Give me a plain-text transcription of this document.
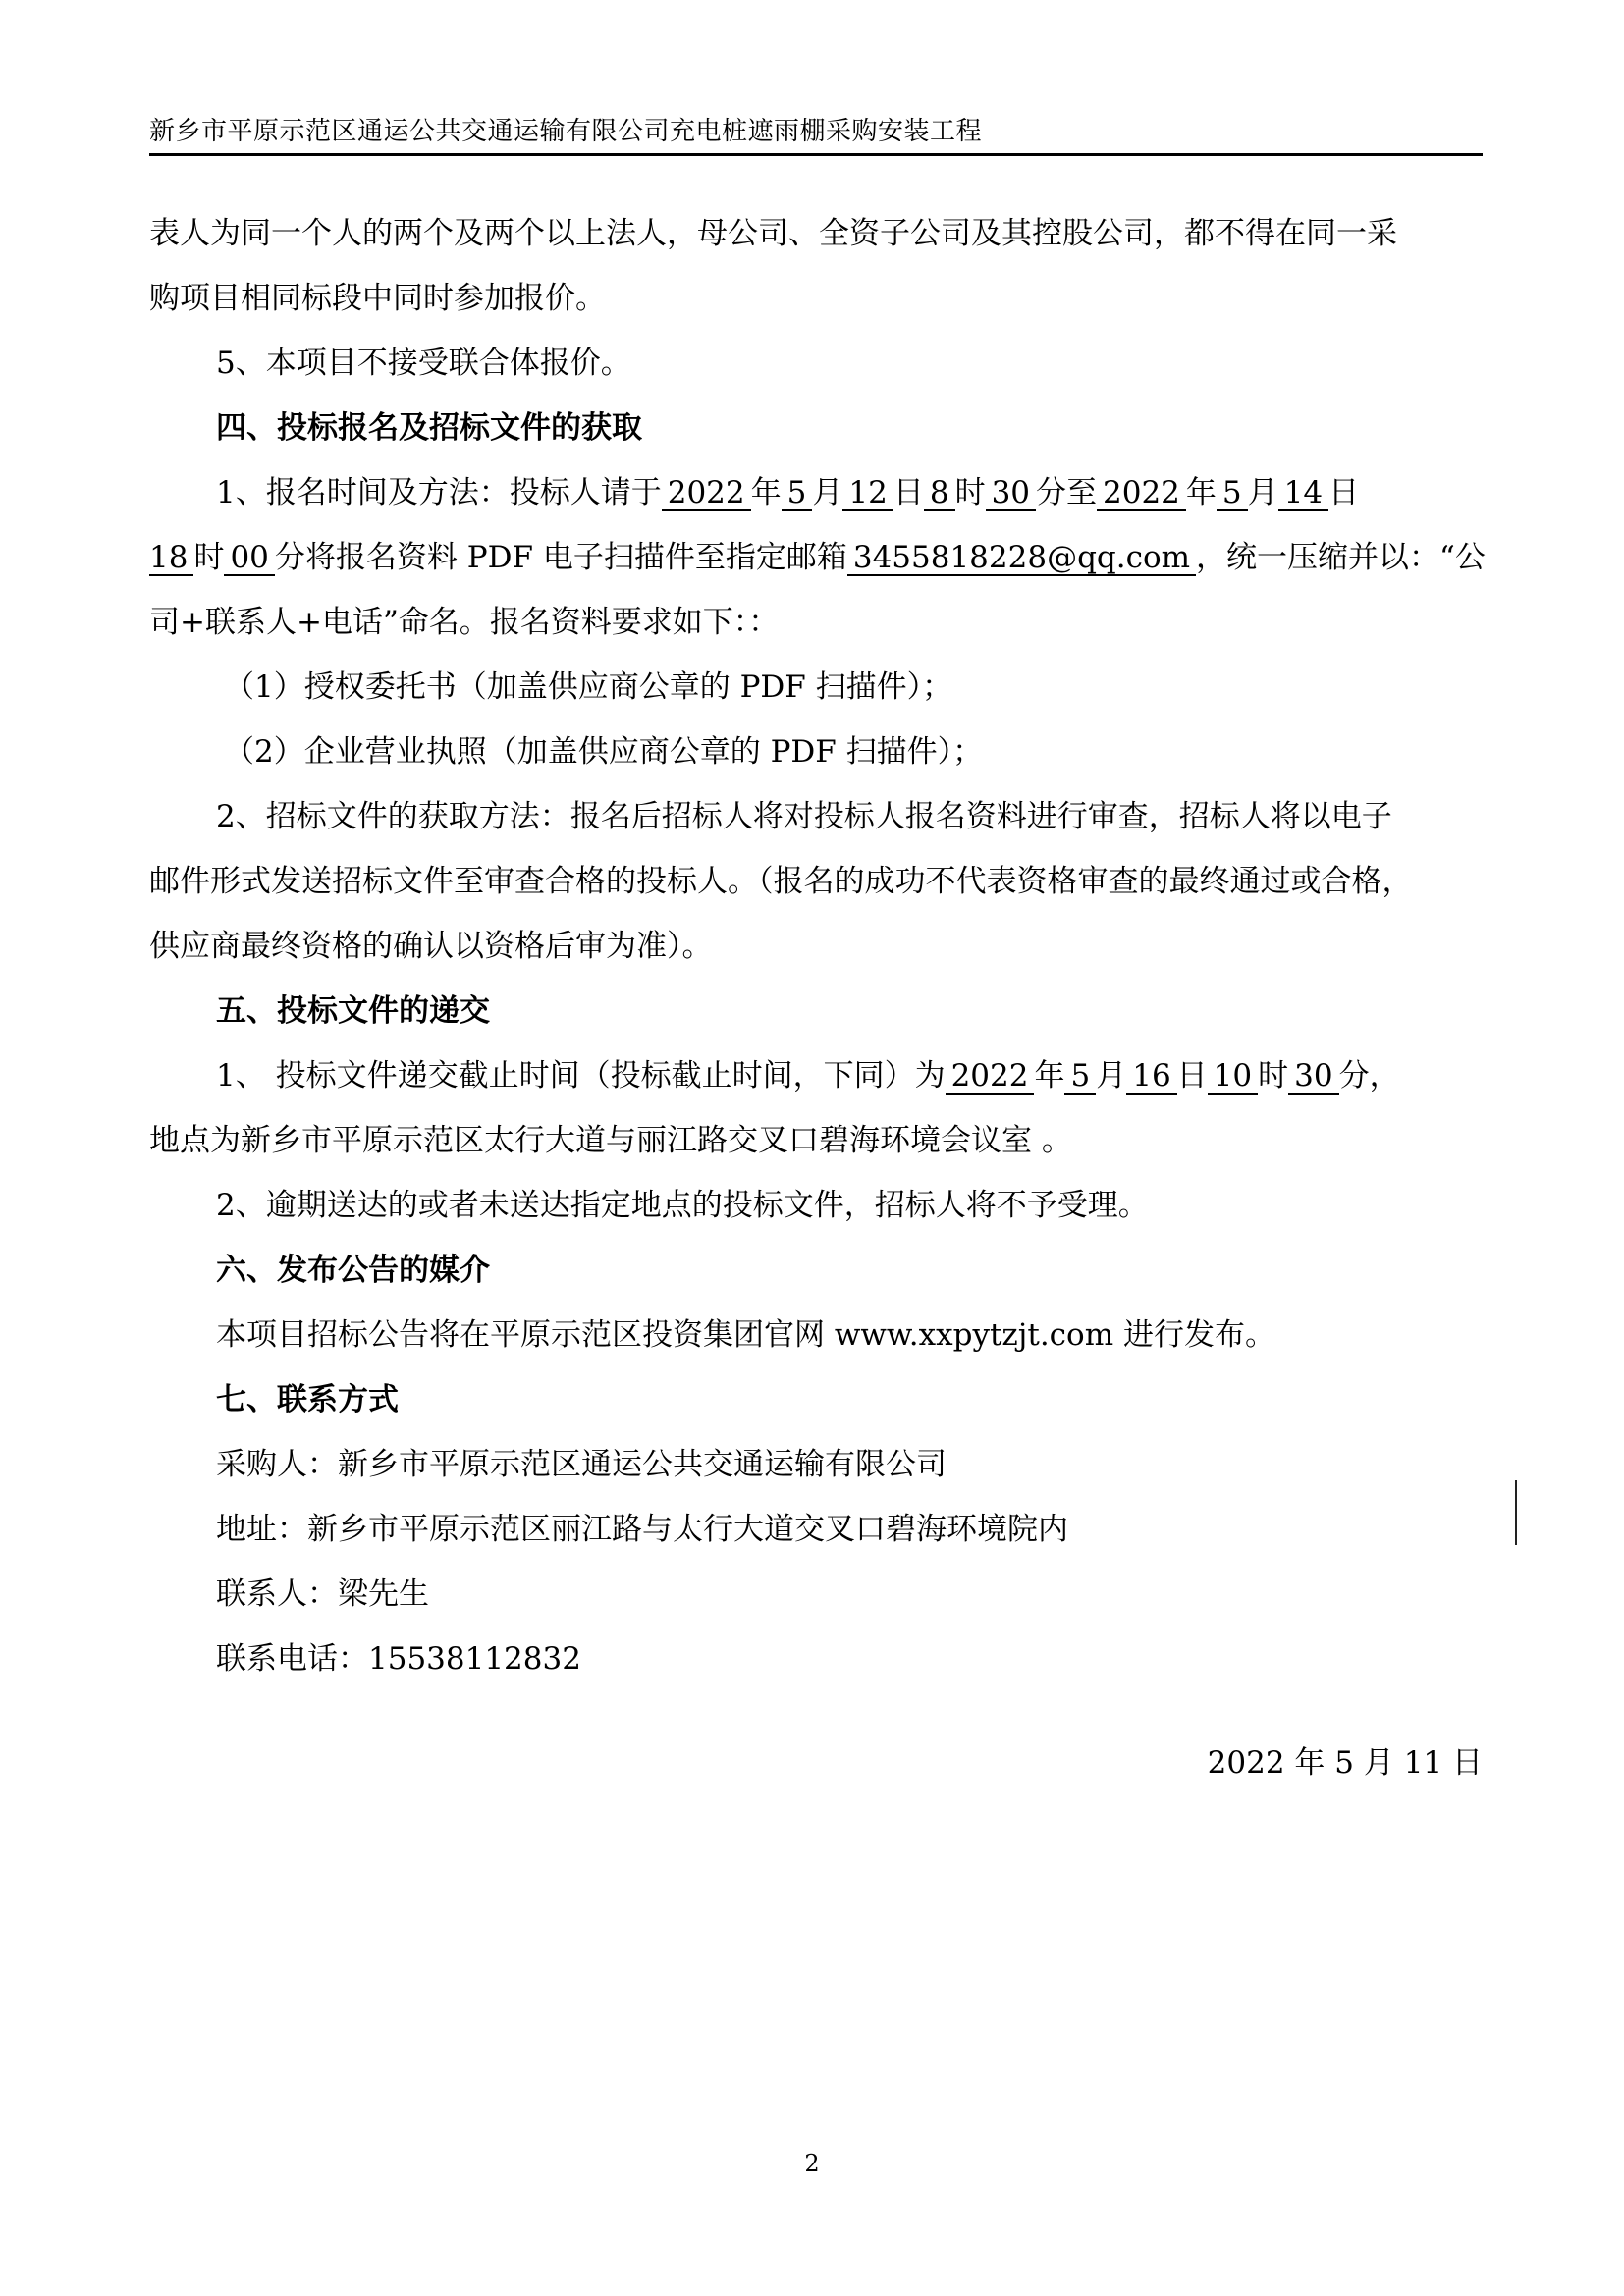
新乡市平原示范区通运公共交通运输有限公司充电桩遮雨棚采购安装工程
表人为同一个人的两个及两个以上法人，母公司、全资子公司及其控股公司，都不得在同一采
购项目相同标段中同时参加报价。
5、本项目不接受联合体报价。
四、投标报名及招标文件的获取
1、报名时间及方法：投标人请于 2022 年 5 月 12 日 8 时 30 分至 2022 年 5 月 14 日
18 时 00 分将报名资料 PDF 电子扫描件至指定邮箱 3455818228@qq.com ，统一压缩并以：“公
司+联系人+电话”命名。报名资料要求如下：：
（1）授权委托书（加盖供应商公章的 PDF 扫描件）；
（2）企业营业执照（加盖供应商公章的 PDF 扫描件）；
2、招标文件的获取方法：报名后招标人将对投标人报名资料进行审查，招标人将以电子
邮件形式发送招标文件至审查合格的投标人。（报名的成功不代表资格审查的最终通过或合格，
供应商最终资格的确认以资格后审为准）。
五、投标文件的递交
1、 投标文件递交截止时间（投标截止时间，下同）为 2022 年 5 月 16 日 10 时 30 分，
地点为新乡市平原示范区太行大道与丽江路交叉口碧海环境会议室 。
2、逾期送达的或者未送达指定地点的投标文件，招标人将不予受理。
六、发布公告的媒介
本项目招标公告将在平原示范区投资集团官网 www.xxpytzjt.com 进行发布。
七、联系方式
采购人：新乡市平原示范区通运公共交通运输有限公司
地址：新乡市平原示范区丽江路与太行大道交叉口碧海环境院内
联系人：梁先生
联系电话：15538112832
2022 年 5 月 11 日
2
